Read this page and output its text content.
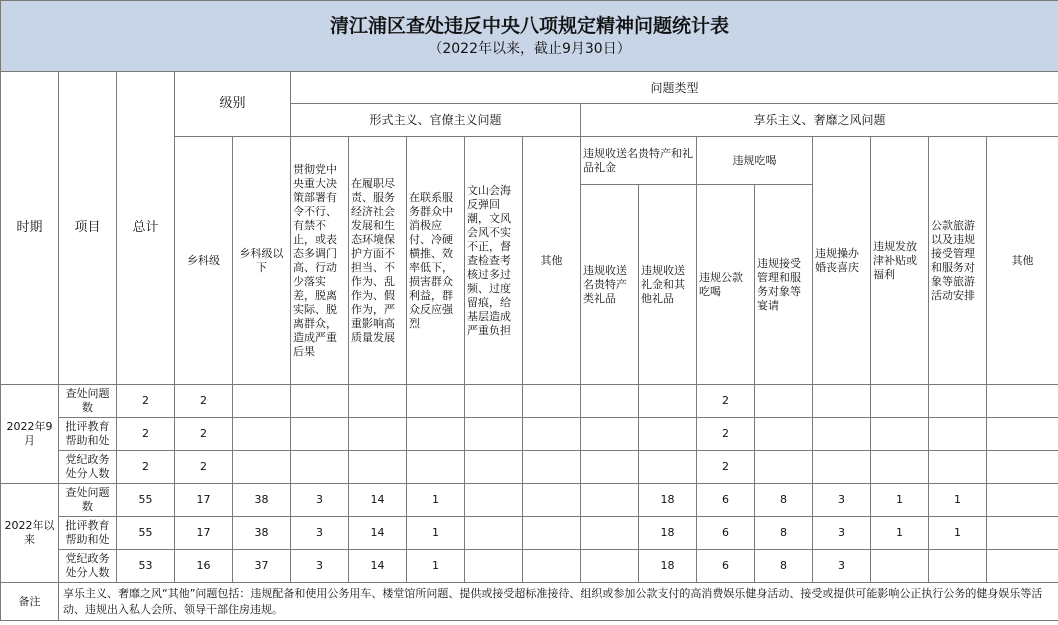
清江浦区查处违反中央八项规定精神问题统计表
（2022年以来，截止9月30日）																	

时期	项目	总计	级别		问题类型												
					形式主义、官僚主义问题					享乐主义、奢靡之风问题							
			乡科级	乡科级以下	贯彻党中央重大决策部署有令不行、有禁不止，或表态多调门高、行动少落实差，脱离实际、脱离群众，造成严重后果	在履职尽责、服务经济社会发展和生态环境保护方面不担当、不作为、乱作为、假作为，严重影响高质量发展	在联系服务群众中消极应付、冷硬横推、效率低下，损害群众利益，群众反应强烈	文山会海反弹回潮，文风会风不实不正，督查检查考核过多过频、过度留痕，给基层造成严重负担	其他	违规收送名贵特产和礼品礼金		违规吃喝		违规操办婚丧喜庆	违规发放津补贴或福利	公款旅游以及违规接受管理和服务对象等旅游活动安排	其他
										违规收送名贵特产类礼品	违规收送礼金和其他礼品	违规公款吃喝	违规接受管理和服务对象等宴请				
2022年9月	查处问题数	2	2									2					
	批评教育帮助和处	2	2									2					
	党纪政务处分人数	2	2									2					
2022年以来	查处问题数	55	17	38	3	14	1				18	6	8	3	1	1	
	批评教育帮助和处	55	17	38	3	14	1				18	6	8	3	1	1	
	党纪政务处分人数	53	16	37	3	14	1				18	6	8	3			
备注	享乐主义、奢靡之风“其他”问题包括：违规配备和使用公务用车、楼堂馆所问题、提供或接受超标准接待、组织或参加公款支付的高消费娱乐健身活动、接受或提供可能影响公正执行公务的健身娱乐等活动、违规出入私人会所、领导干部住房违规。																
